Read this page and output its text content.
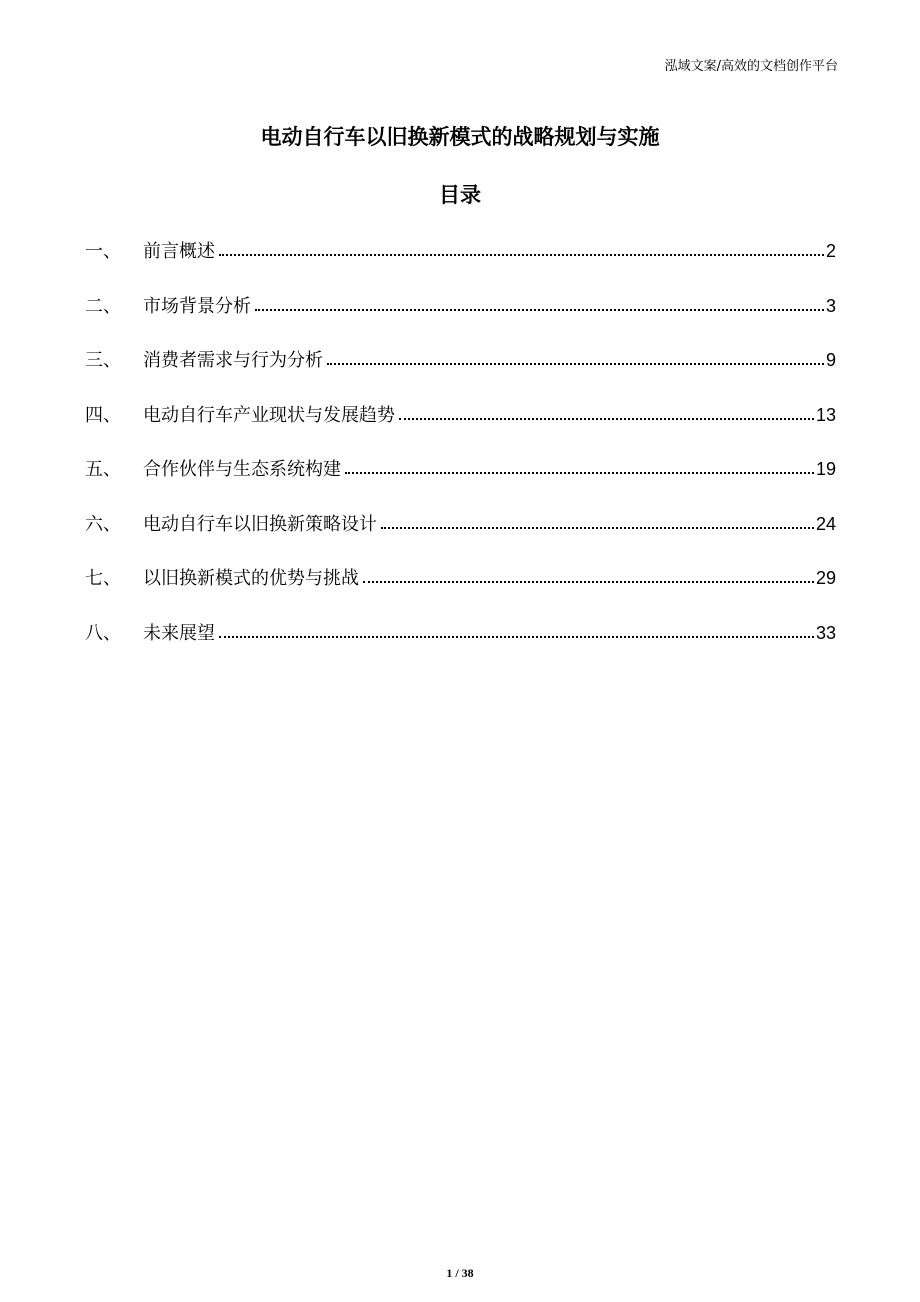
泓域文案/高效的文档创作平台
电动自行车以旧换新模式的战略规划与实施
目录
一、	前言概述	2
二、	市场背景分析	3
三、	消费者需求与行为分析	9
四、	电动自行车产业现状与发展趋势	13
五、	合作伙伴与生态系统构建	19
六、	电动自行车以旧换新策略设计	24
七、	以旧换新模式的优势与挑战	29
八、	未来展望	33
1 / 38
